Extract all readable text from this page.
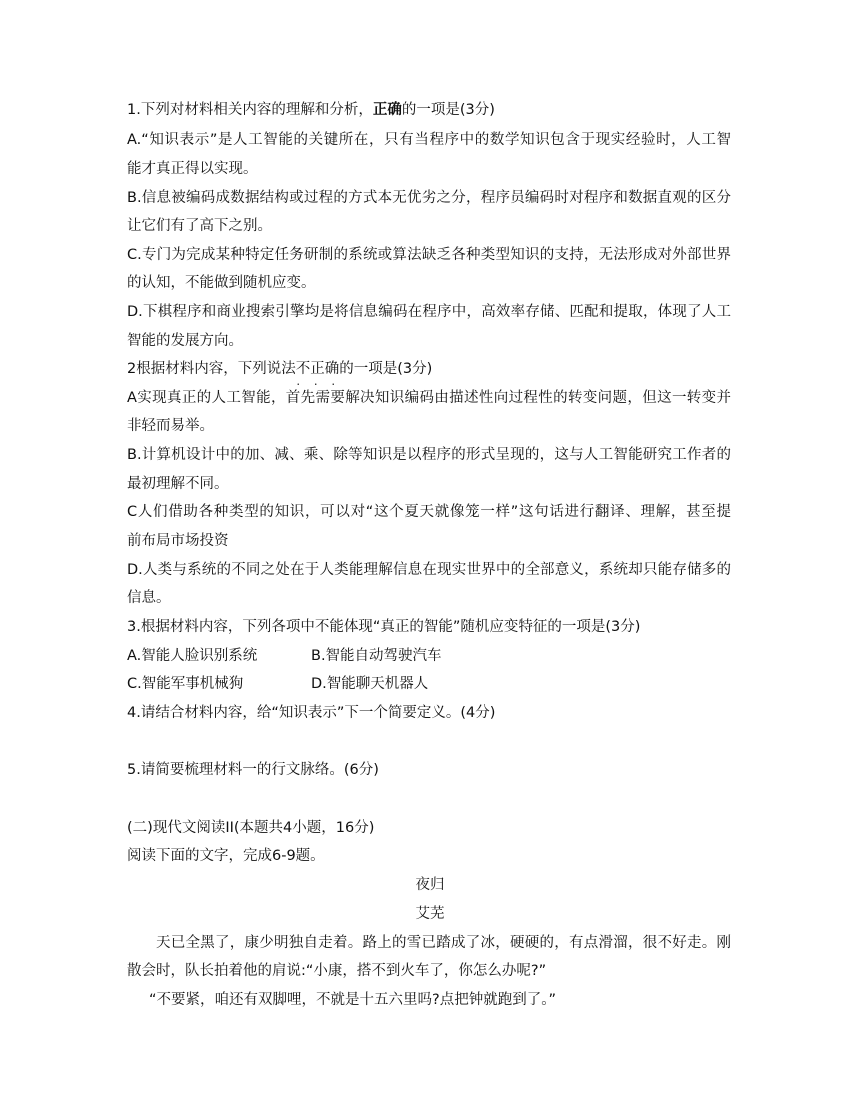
1.下列对材料相关内容的理解和分析，正确的一项是(3分)
A.“知识表示”是人工智能的关键所在，只有当程序中的数学知识包含于现实经验时，人工智
能才真正得以实现。
B.信息被编码成数据结构或过程的方式本无优劣之分，程序员编码时对程序和数据直观的区分
让它们有了高下之别。
C.专门为完成某种特定任务研制的系统或算法缺乏各种类型知识的支持，无法形成对外部世界
的认知，不能做到随机应变。
D.下棋程序和商业搜索引擎均是将信息编码在程序中，高效率存储、匹配和提取，体现了人工
智能的发展方向。
2根据材料内容，下列说法不正确 • • •的一项是(3分)
A实现真正的人工智能，首先需要解决知识编码由描述性向过程性的转变问题，但这一转变并
非轻而易举。
B.计算机设计中的加、减、乘、除等知识是以程序的形式呈现的，这与人工智能研究工作者的
最初理解不同。
C人们借助各种类型的知识，可以对“这个夏天就像笼一样”这句话进行翻译、理解，甚至提
前布局市场投资
D.人类与系统的不同之处在于人类能理解信息在现实世界中的全部意义，系统却只能存储多的
信息。
3.根据材料内容，下列各项中不能体现“真正的智能”随机应变特征的一项是(3分)
A.智能人脸识别系统	B.智能自动驾驶汽车
C.智能军事机械狗	D.智能聊天机器人
4.请结合材料内容，给“知识表示”下一个简要定义。(4分)
5.请简要梳理材料一的行文脉络。(6分)
(二)现代文阅读II(本题共4小题，16分)
阅读下面的文字，完成6-9题。
夜归
艾芜
天已全黑了，康少明独自走着。路上的雪已踏成了冰，硬硬的，有点滑溜，很不好走。刚
散会时，队长拍着他的肩说:“小康，搭不到火车了，你怎么办呢?”
“不要紧，咱还有双脚哩，不就是十五六里吗?点把钟就跑到了。”
